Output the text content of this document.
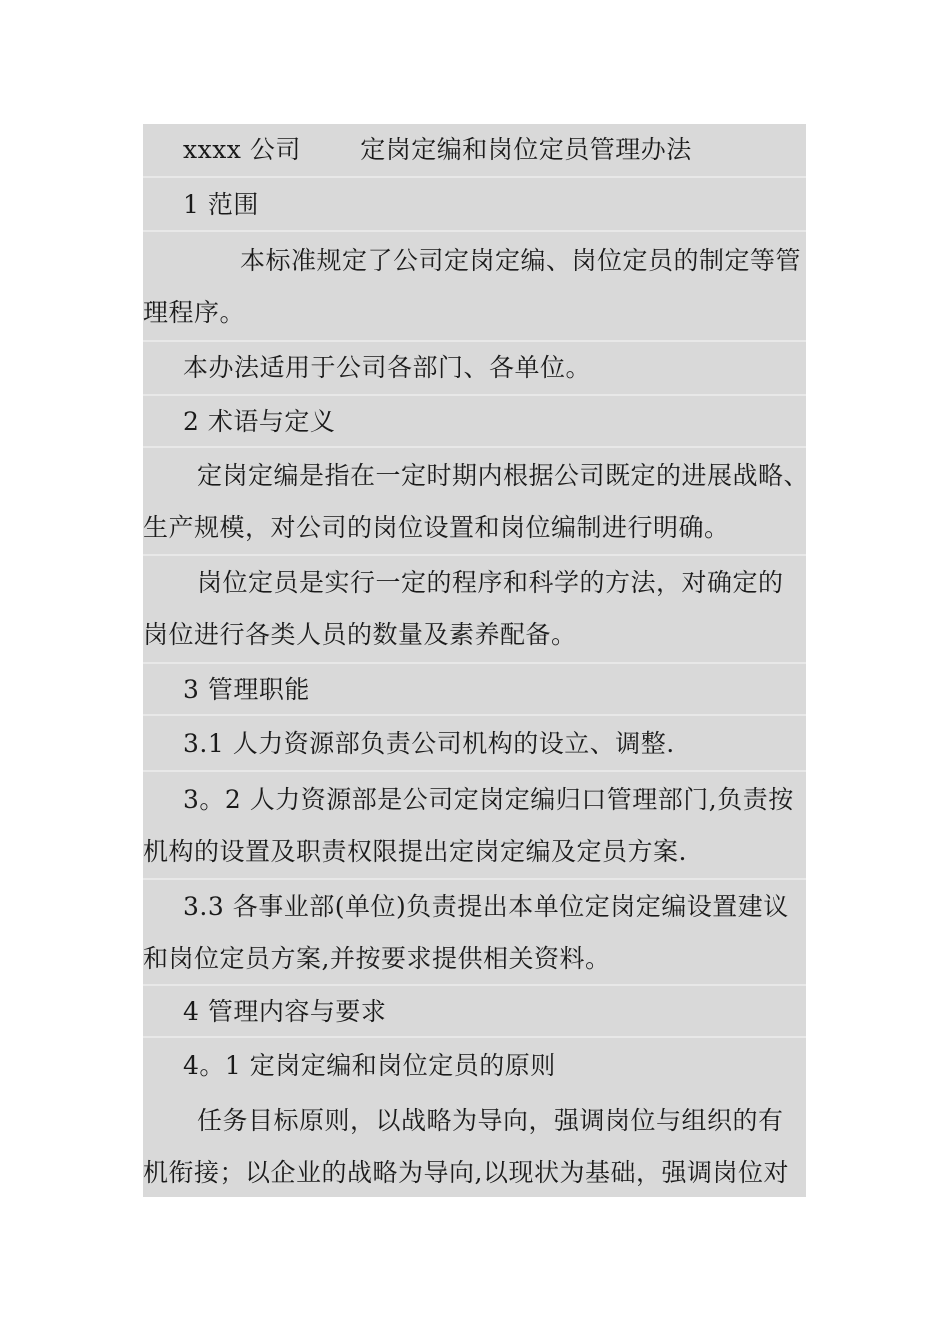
xxxx 公司　　 定岗定编和岗位定员管理办法
1 范围
本标准规定了公司定岗定编、岗位定员的制定等管
理程序。
本办法适用于公司各部门、各单位。
2 术语与定义
定岗定编是指在一定时期内根据公司既定的进展战略、
生产规模，对公司的岗位设置和岗位编制进行明确。
岗位定员是实行一定的程序和科学的方法，对确定的
岗位进行各类人员的数量及素养配备。
3 管理职能
3.1 人力资源部负责公司机构的设立、调整.
3。2 人力资源部是公司定岗定编归口管理部门,负责按
机构的设置及职责权限提出定岗定编及定员方案.
3.3 各事业部(单位)负责提出本单位定岗定编设置建议
和岗位定员方案,并按要求提供相关资料。
4 管理内容与要求
4。1 定岗定编和岗位定员的原则
任务目标原则，以战略为导向，强调岗位与组织的有
机衔接；以企业的战略为导向,以现状为基础，强调岗位对
